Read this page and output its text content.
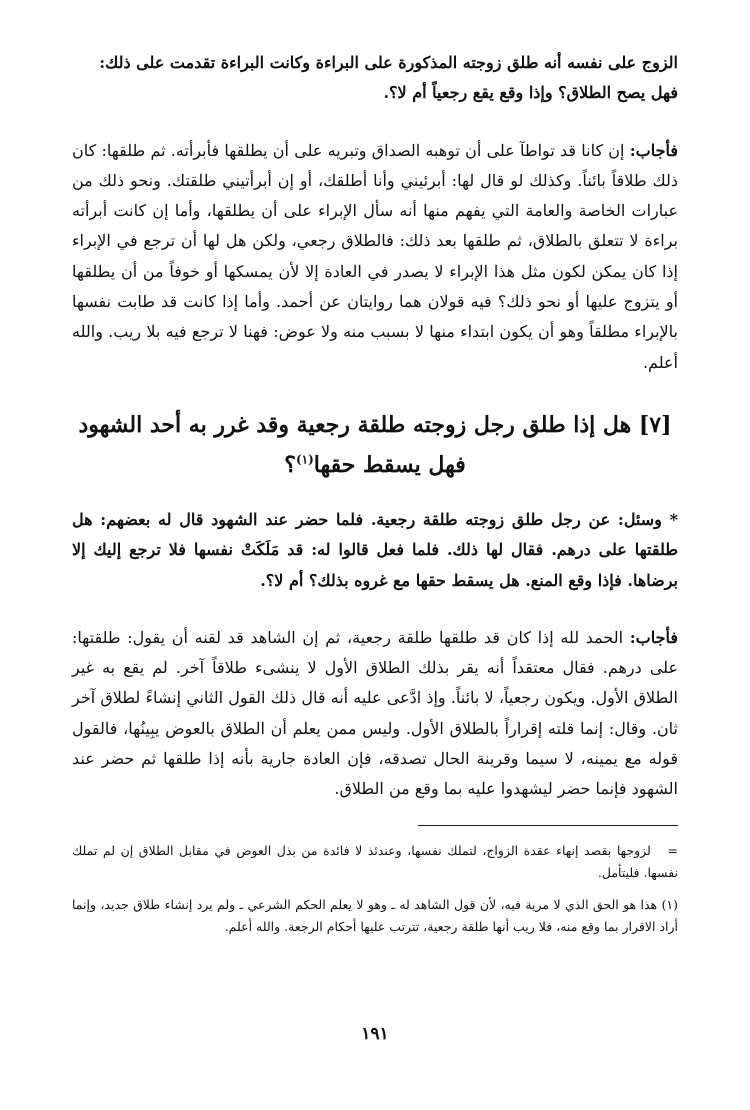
الزوج على نفسه أنه طلق زوجته المذكورة على البراءة وكانت البراءة تقدمت على ذلك:
فهل يصح الطلاق؟ وإذا وقع يقع رجعياً أم لا؟.

فأجاب: إن كانا قد تواطآ على أن توهبه الصداق وتبريه على أن يطلقها فأبرأته. ثم طلقها: كان ذلك طلاقاً بائناً. وكذلك لو قال لها: أبرئيني وأنا أطلقك، أو إن أبرأتيني طلقتك. ونحو ذلك من عبارات الخاصة والعامة التي يفهم منها أنه سأل الإبراء على أن يطلقها، وأما إن كانت أبرأته براءة لا تتعلق بالطلاق، ثم طلقها بعد ذلك: فالطلاق رجعي، ولكن هل لها أن ترجع في الإبراء إذا كان يمكن لكون مثل هذا الإبراء لا يصدر في العادة إلا لأن يمسكها أو خوفاً من أن يطلقها أو يتزوج عليها أو نحو ذلك؟ فيه قولان هما روايتان عن أحمد. وأما إذا كانت قد طابت نفسها بالإبراء مطلقاً وهو أن يكون ابتداء منها لا بسبب منه ولا عوض: فهنا لا ترجع فيه بلا ريب. والله أعلم.

[٧] هل إذا طلق رجل زوجته طلقة رجعية وقد غرر به أحد الشهود فهل يسقط حقها$^{(١)}$؟

* وسئل: عن رجل طلق زوجته طلقة رجعية. فلما حضر عند الشهود قال له بعضهم: هل طلقتها على درهم. فقال لها ذلك. فلما فعل قالوا له: قد مَلَكَتْ نفسها فلا ترجع إليك إلا برضاها. فإذا وقع المنع. هل يسقط حقها مع غروه بذلك؟ أم لا؟.

فأجاب: الحمد لله إذا كان قد طلقها طلقة رجعية، ثم إن الشاهد قد لقنه أن يقول: طلقتها: على درهم. فقال معتقداً أنه يقر بذلك الطلاق الأول لا ينشىء طلاقاً آخر. لم يقع به غير الطلاق الأول. ويكون رجعياً، لا بائناً. وإذ ادَّعى عليه أنه قال ذلك القول الثاني إنشاءً لطلاق آخر ثان. وقال: إنما قلته إقراراً بالطلاق الأول. وليس ممن يعلم أن الطلاق بالعوض يبِينُها، فالقول قوله مع يمينه، لا سيما وقرينة الحال تصدقه، فإن العادة جارية بأنه إذا طلقها ثم حضر عند الشهود فإنما حضر ليشهدوا عليه بما وقع من الطلاق.

=   لزوجها بقصد إنهاء عقدة الزواج، لتملك نفسها، وعندئذ لا فائدة من بذل العوض في مقابل الطلاق إن لم تملك نفسها. فليتأمل.

(١) هذا هو الحق الذي لا مرية فيه، لأن قول الشاهد له ـ وهو لا يعلم الحكم الشرعي ـ ولم يرد إنشاء طلاق جديد، وإنما أراد الاقرار بما وقع منه، فلا ريب أنها طلقة رجعية، تترتب عليها أحكام الرجعة. والله أعلم.

١٩١
